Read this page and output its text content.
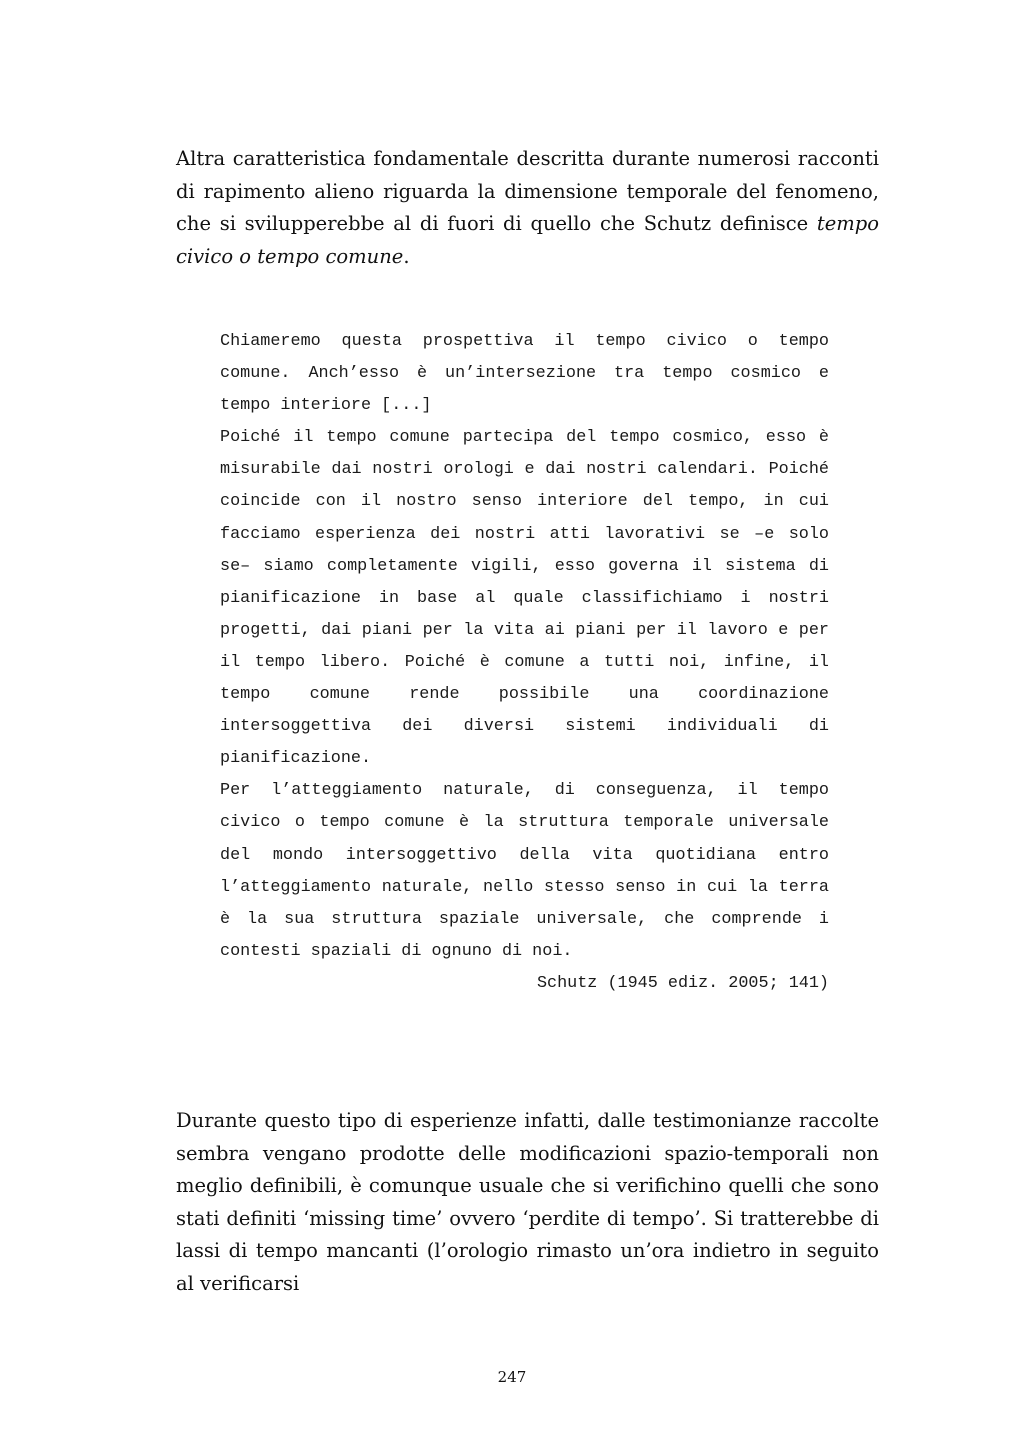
Altra caratteristica fondamentale descritta durante numerosi racconti di rapimento alieno riguarda la dimensione temporale del fenomeno, che si svilupperebbe al di fuori di quello che Schutz definisce tempo civico o tempo comune.

Chiameremo questa prospettiva il tempo civico o tempo comune. Anch’esso è un’intersezione tra tempo cosmico e tempo interiore [...]

Poiché il tempo comune partecipa del tempo cosmico, esso è misurabile dai nostri orologi e dai nostri calendari. Poiché coincide con il nostro senso interiore del tempo, in cui facciamo esperienza dei nostri atti lavorativi se –e solo se– siamo completamente vigili, esso governa il sistema di pianificazione in base al quale classifichiamo i nostri progetti, dai piani per la vita ai piani per il lavoro e per il tempo libero. Poiché è comune a tutti noi, infine, il tempo comune rende possibile una coordinazione intersoggettiva dei diversi sistemi individuali di pianificazione.

Per l’atteggiamento naturale, di conseguenza, il tempo civico o tempo comune è la struttura temporale universale del mondo intersoggettivo della vita quotidiana entro l’atteggiamento naturale, nello stesso senso in cui la terra è la sua struttura spaziale universale, che comprende i contesti spaziali di ognuno di noi.

Schutz (1945 ediz. 2005; 141)

Durante questo tipo di esperienze infatti, dalle testimonianze raccolte sembra vengano prodotte delle modificazioni spazio-temporali non meglio definibili, è comunque usuale che si verifichino quelli che sono stati definiti ‘missing time’ ovvero ‘perdite di tempo’. Si tratterebbe di lassi di tempo mancanti (l’orologio rimasto un’ora indietro in seguito al verificarsi

247
